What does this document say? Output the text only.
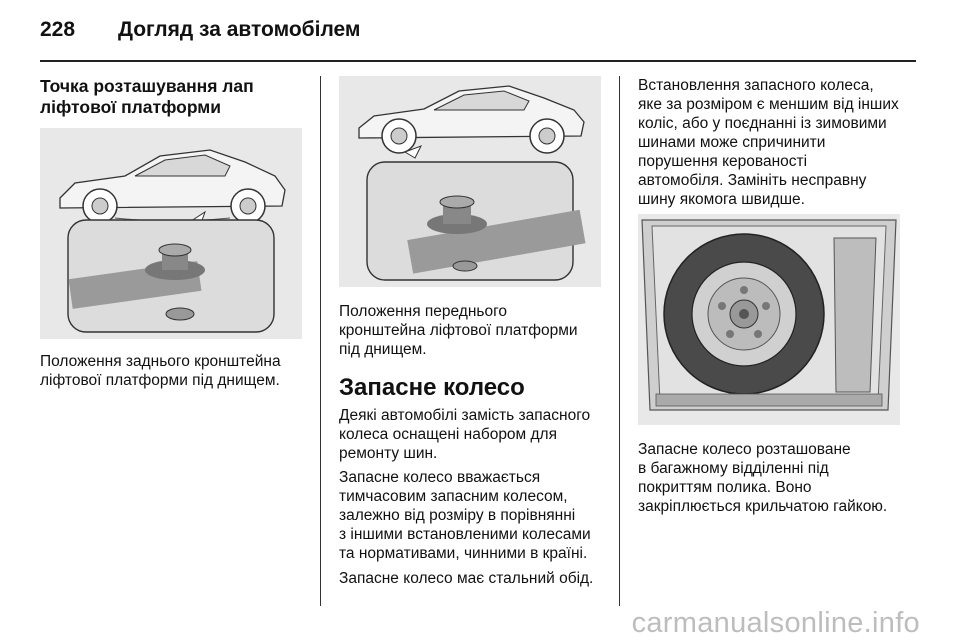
228 Догляд за автомобілем
Точка розташування лап
ліфтової платформи
Положення заднього кронштейна
ліфтової платформи під днищем.
Положення переднього
кронштейна ліфтової платформи
під днищем.
Запасне колесо
Деякі автомобілі замість запасного
колеса оснащені набором для
ремонту шин.
Запасне колесо вважається
тимчасовим запасним колесом,
залежно від розміру в порівнянні
з іншими встановленими колесами
та нормативами, чинними в країні.
Запасне колесо має стальний обід.
Встановлення запасного колеса,
яке за розміром є меншим від інших
коліс, або у поєднанні із зимовими
шинами може спричинити
порушення керованості
автомобіля. Замініть несправну
шину якомога швидше.
Запасне колесо розташоване
в багажному відділенні під
покриттям полика. Воно
закріплюється крильчатою гайкою.
carmanualsonline.info
